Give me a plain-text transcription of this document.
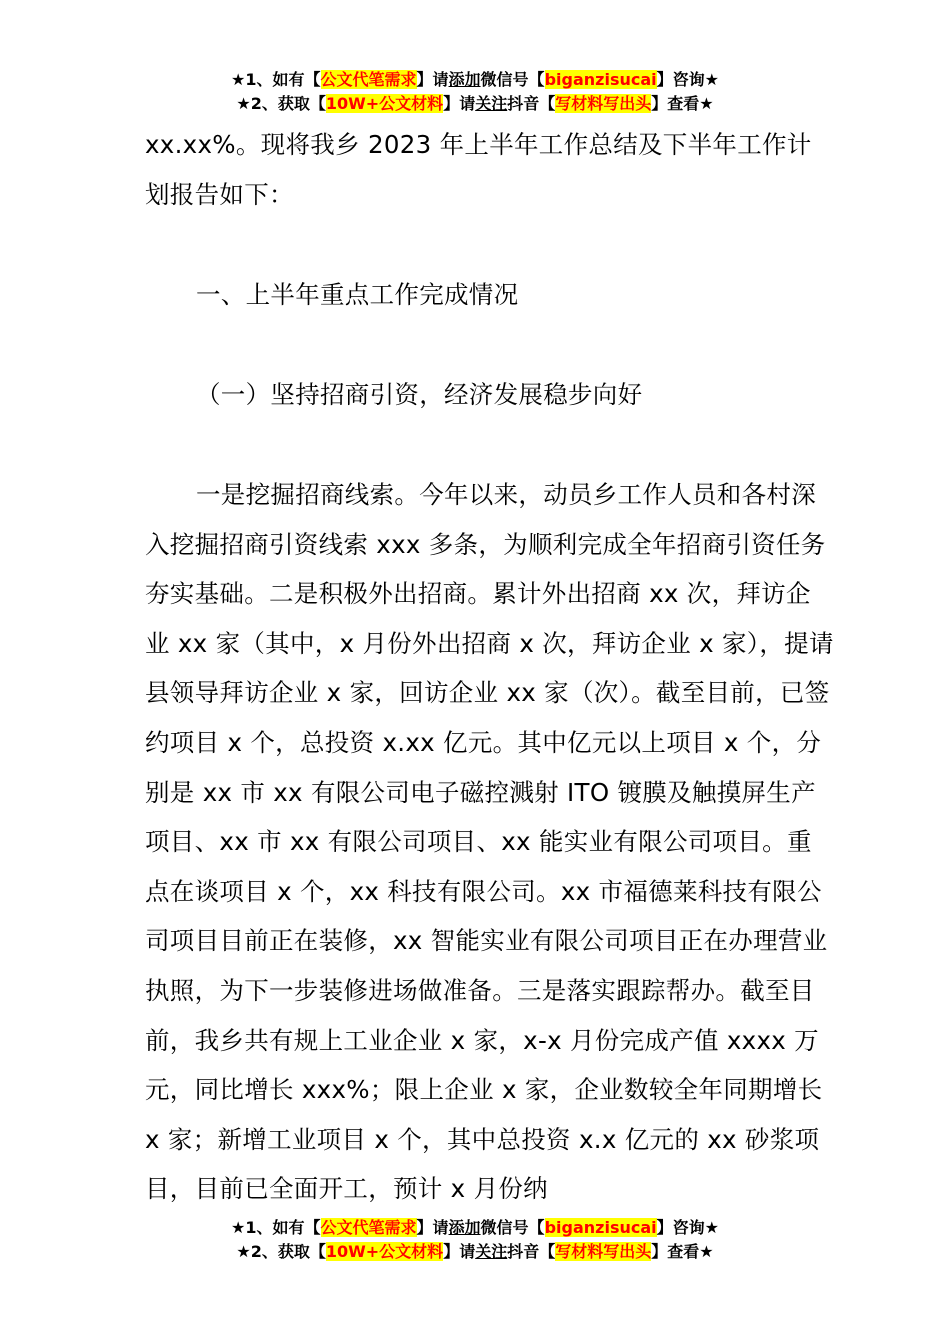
★1、如有【公文代笔需求】请添加微信号【biganzisucai】咨询★
★2、获取【10W+公文材料】请关注抖音【写材料写出头】查看★
xx.xx%。现将我乡 2023 年上半年工作总结及下半年工作计划报告如下：
一、上半年重点工作完成情况
（一）坚持招商引资，经济发展稳步向好
一是挖掘招商线索。今年以来，动员乡工作人员和各村深入挖掘招商引资线索 xxx 多条，为顺利完成全年招商引资任务夯实基础。二是积极外出招商。累计外出招商 xx 次，拜访企业 xx 家（其中，x 月份外出招商 x 次，拜访企业 x 家），提请县领导拜访企业 x 家，回访企业 xx 家（次）。截至目前，已签约项目 x 个，总投资 x.xx 亿元。其中亿元以上项目 x 个，分别是 xx 市 xx 有限公司电子磁控溅射 ITO 镀膜及触摸屏生产项目、xx 市 xx 有限公司项目、xx 能实业有限公司项目。重点在谈项目 x 个，xx 科技有限公司。xx 市福德莱科技有限公司项目目前正在装修，xx 智能实业有限公司项目正在办理营业执照，为下一步装修进场做准备。三是落实跟踪帮办。截至目前，我乡共有规上工业企业 x 家，x-x 月份完成产值 xxxx 万元，同比增长 xxx%；限上企业 x 家，企业数较全年同期增长 x 家；新增工业项目 x 个，其中总投资 x.x 亿元的 xx 砂浆项目，目前已全面开工，预计 x 月份纳
★1、如有【公文代笔需求】请添加微信号【biganzisucai】咨询★
★2、获取【10W+公文材料】请关注抖音【写材料写出头】查看★
